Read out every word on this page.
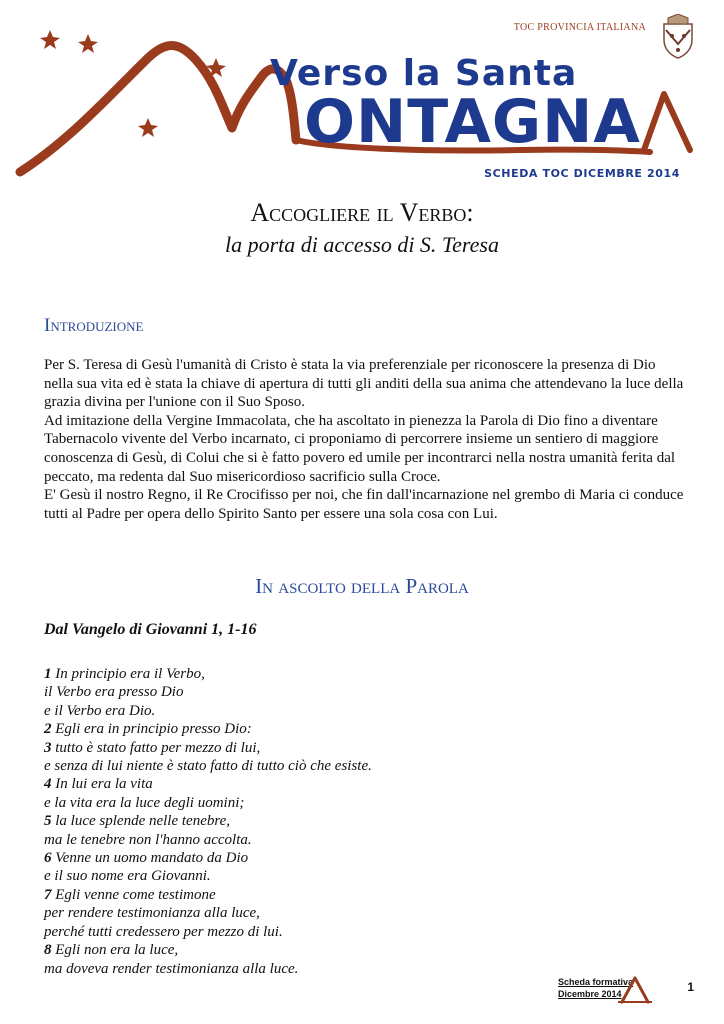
TOC PROVINCIA ITALIANA
Verso la Santa
ONTAGNA
SCHEDA TOC DICEMBRE 2014
Accogliere il Verbo:
la porta di accesso di S. Teresa
Introduzione

Per S. Teresa di Gesù l'umanità di Cristo è stata la via preferenziale per riconoscere la presenza di Dio nella sua vita ed è stata la chiave di apertura di tutti gli anditi della sua anima che attendevano la luce della grazia divina per l'unione con il Suo Sposo.

Ad imitazione della Vergine Immacolata, che ha ascoltato in pienezza la Parola di Dio fino a diventare Tabernacolo vivente del Verbo incarnato, ci proponiamo di percorrere insieme un sentiero di maggiore conoscenza di Gesù, di Colui che si è fatto povero ed umile per incontrarci nella nostra umanità ferita dal peccato, ma redenta dal Suo misericordioso sacrificio sulla Croce.

E' Gesù il nostro Regno, il Re Crocifisso per noi, che fin dall'incarnazione nel grembo di Maria ci conduce tutti al Padre per opera dello Spirito Santo per essere una sola cosa con Lui.

In ascolto della Parola
Dal Vangelo di Giovanni 1, 1-16
1 In principio era il Verbo,
il Verbo era presso Dio
e il Verbo era Dio.
2 Egli era in principio presso Dio:
3 tutto è stato fatto per mezzo di lui,
e senza di lui niente è stato fatto di tutto ciò che esiste.
4 In lui era la vita
e la vita era la luce degli uomini;
5 la luce splende nelle tenebre,
ma le tenebre non l'hanno accolta.
6 Venne un uomo mandato da Dio
e il suo nome era Giovanni.
7 Egli venne come testimone
per rendere testimonianza alla luce,
perché tutti credessero per mezzo di lui.
8 Egli non era la luce,
ma doveva render testimonianza alla luce.
Scheda formativa
Dicembre 2014	1
